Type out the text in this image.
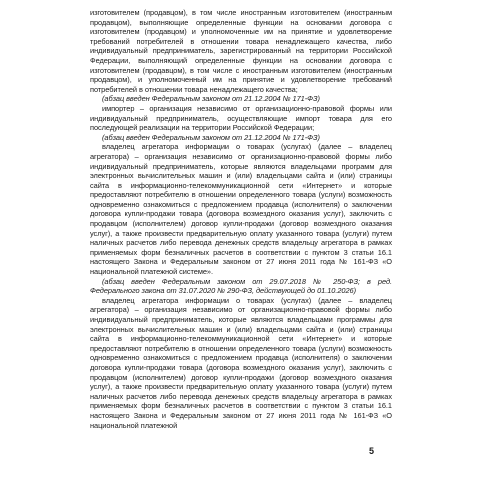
изготовителем (продавцом), в том числе иностранным изготовителем (иностранным продавцом), выполняющие определенные функции на основании договора с изготовителем (продавцом) и уполномоченные им на принятие и удовлетворение требований потребителей в отношении товара ненадлежащего качества, либо индивидуальный предприниматель, зарегистрированный на территории Российской Федерации, выполняющий определенные функции на основании договора с изготовителем (продавцом), в том числе с иностранным изготовителем (иностранным продавцом), и уполномоченный им на принятие и удовлетворение требований потребителей в отношении товара ненадлежащего качества;

(абзац введен Федеральным законом от 21.12.2004 № 171-ФЗ)

импортер – организация независимо от организационно-правовой формы или индивидуальный предприниматель, осуществляющие импорт товара для его последующей реализации на территории Российской Федерации;

(абзац введен Федеральным законом от 21.12.2004 № 171-ФЗ)

владелец агрегатора информации о товарах (услугах) (далее – владелец агрегатора) – организация независимо от организационно-правовой формы либо индивидуальный предприниматель, которые являются владельцами программ для электронных вычислительных машин и (или) владельцами сайта и (или) страницы сайта в информационно-телекоммуникационной сети «Интернет» и которые предоставляют потребителю в отношении определенного товара (услуги) возможность одновременно ознакомиться с предложением продавца (исполнителя) о заключении договора купли-продажи товара (договора возмездного оказания услуг), заключить с продавцом (исполнителем) договор купли-продажи (договор возмездного оказания услуг), а также произвести предварительную оплату указанного товара (услуги) путем наличных расчетов либо перевода денежных средств владельцу агрегатора в рамках применяемых форм безналичных расчетов в соответствии с пунктом 3 статьи 16.1 настоящего Закона и Федеральным законом от 27 июня 2011 года № 161-ФЗ «О национальной платежной системе».

(абзац введен Федеральным законом от 29.07.2018 № 250-ФЗ; в ред. Федерального закона от 31.07.2020 № 290-ФЗ, действующей до 01.10.2026)

владелец агрегатора информации о товарах (услугах) (далее – владелец агрегатора) – организация независимо от организационно-правовой формы либо индивидуальный предприниматель, которые являются владельцами программы для электронных вычислительных машин и (или) владельцами сайта и (или) страницы сайта в информационно-телекоммуникационной сети «Интернет» и которые предоставляют потребителю в отношении определенного товара (услуги) возможность одновременно ознакомиться с предложением продавца (исполнителя) о заключении договора купли-продажи товара (договора возмездного оказания услуг), заключить с продавцом (исполнителем) договор купли-продажи (договор возмездного оказания услуг), а также произвести предварительную оплату указанного товара (услуги) путем наличных расчетов либо перевода денежных средств владельцу агрегатора в рамках применяемых форм безналичных расчетов в соответствии с пунктом 3 статьи 16.1 настоящего Закона и Федеральным законом от 27 июня 2011 года № 161-ФЗ «О национальной платежной

5
